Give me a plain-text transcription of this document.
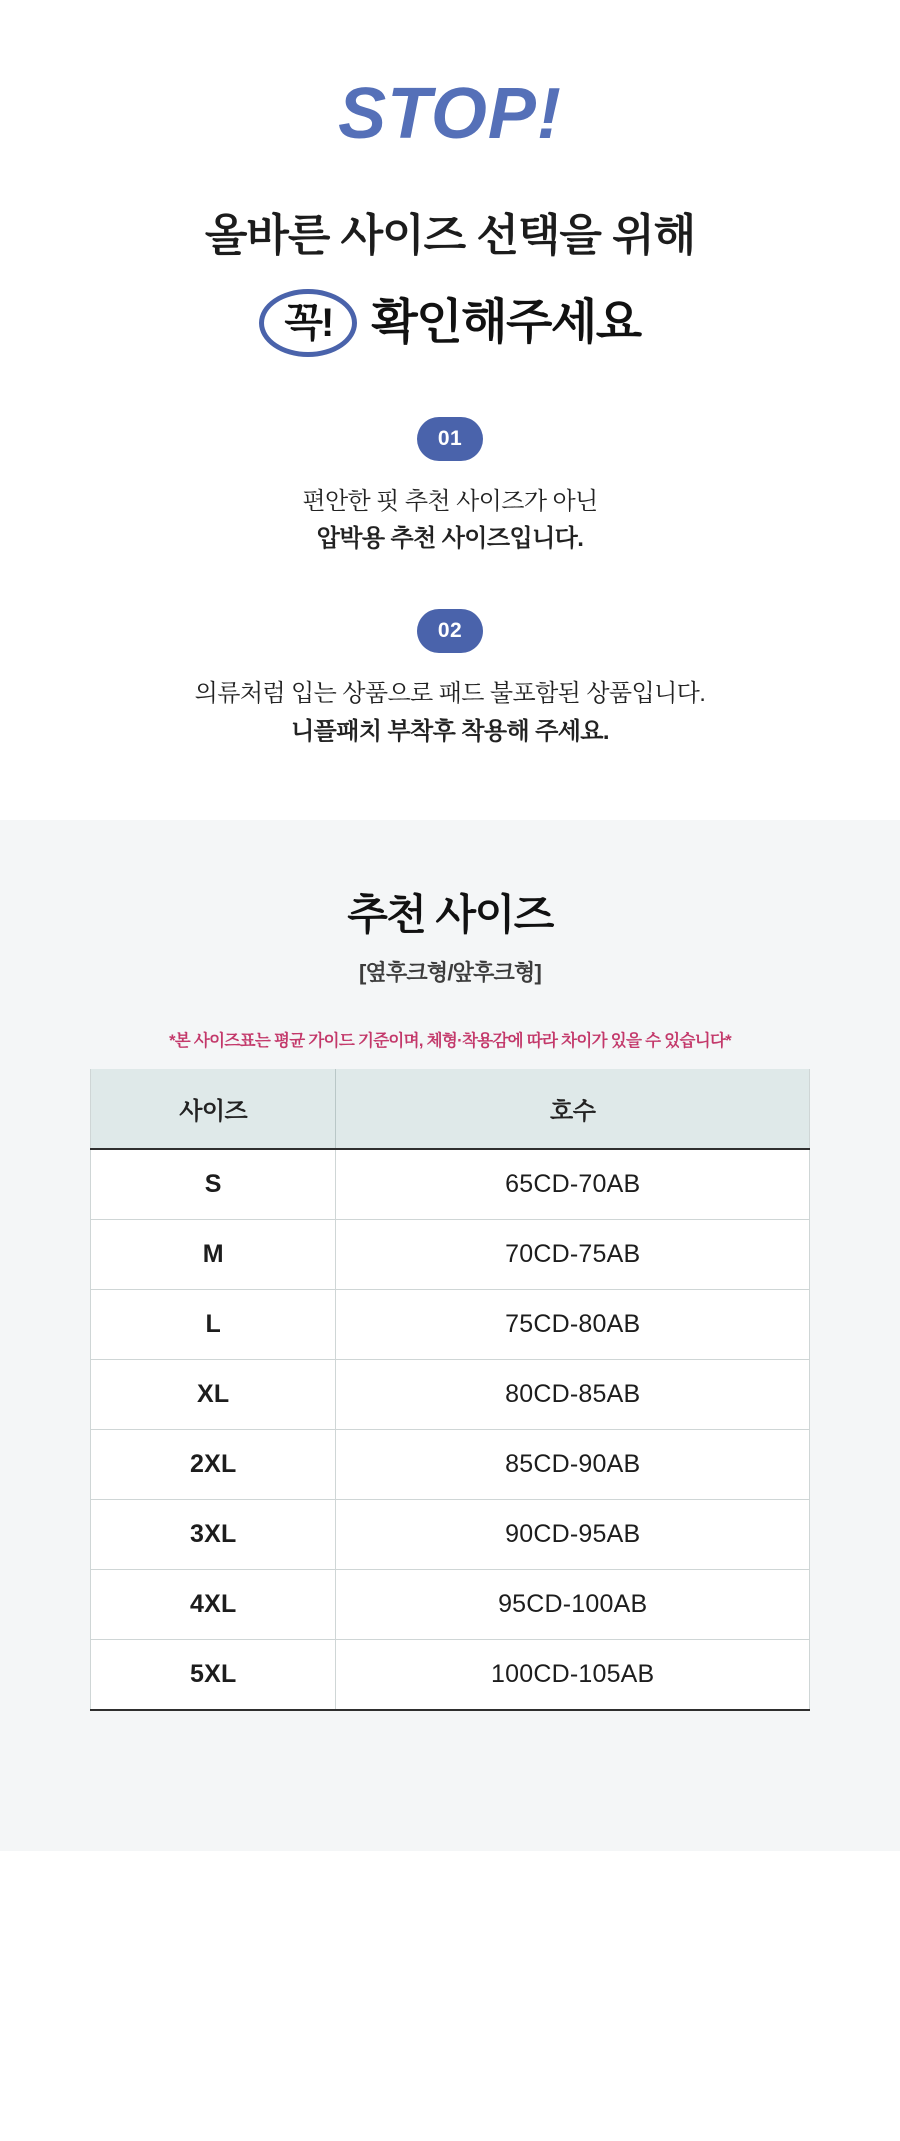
STOP!
올바른 사이즈 선택을 위해
꼭! 확인해주세요
01
편안한 핏 추천 사이즈가 아닌
압박용 추천 사이즈입니다.
02
의류처럼 입는 상품으로 패드 불포함된 상품입니다.
니플패치 부착후 착용해 주세요.
추천 사이즈
[옆후크형/앞후크형]
*본 사이즈표는 평균 가이드 기준이며, 체형·착용감에 따라 차이가 있을 수 있습니다*
사이즈	호수
S	65CD-70AB
M	70CD-75AB
L	75CD-80AB
XL	80CD-85AB
2XL	85CD-90AB
3XL	90CD-95AB
4XL	95CD-100AB
5XL	100CD-105AB
